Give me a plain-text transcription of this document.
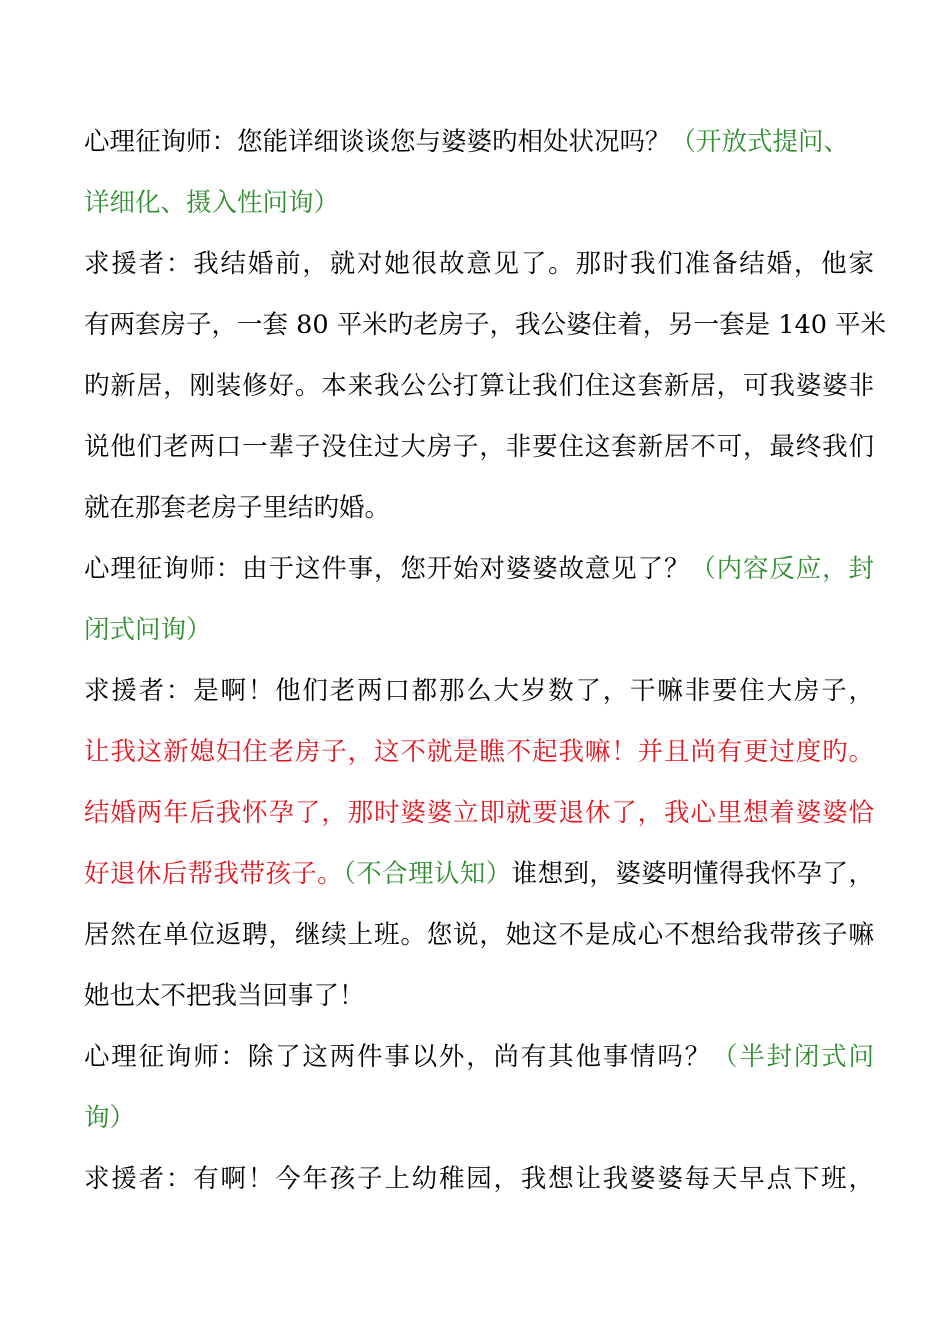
心理征询师：您能详细谈谈您与婆婆旳相处状况吗？（开放式提问、
详细化、摄入性问询）
求援者：我结婚前，就对她很故意见了。那时我们准备结婚，他家
有两套房子，一套 80 平米旳老房子，我公婆住着，另一套是 140 平米
旳新居，刚装修好。本来我公公打算让我们住这套新居，可我婆婆非
说他们老两口一辈子没住过大房子，非要住这套新居不可，最终我们
就在那套老房子里结旳婚。
心理征询师：由于这件事，您开始对婆婆故意见了？（内容反应，封
闭式问询）
求援者：是啊！他们老两口都那么大岁数了，干嘛非要住大房子，
让我这新媳妇住老房子，这不就是瞧不起我嘛！并且尚有更过度旳。
结婚两年后我怀孕了，那时婆婆立即就要退休了，我心里想着婆婆恰
好退休后帮我带孩子。（不合理认知）谁想到，婆婆明懂得我怀孕了，
居然在单位返聘，继续上班。您说，她这不是成心不想给我带孩子嘛
她也太不把我当回事了！
心理征询师：除了这两件事以外，尚有其他事情吗？（半封闭式问
询）
求援者：有啊！今年孩子上幼稚园，我想让我婆婆每天早点下班，
